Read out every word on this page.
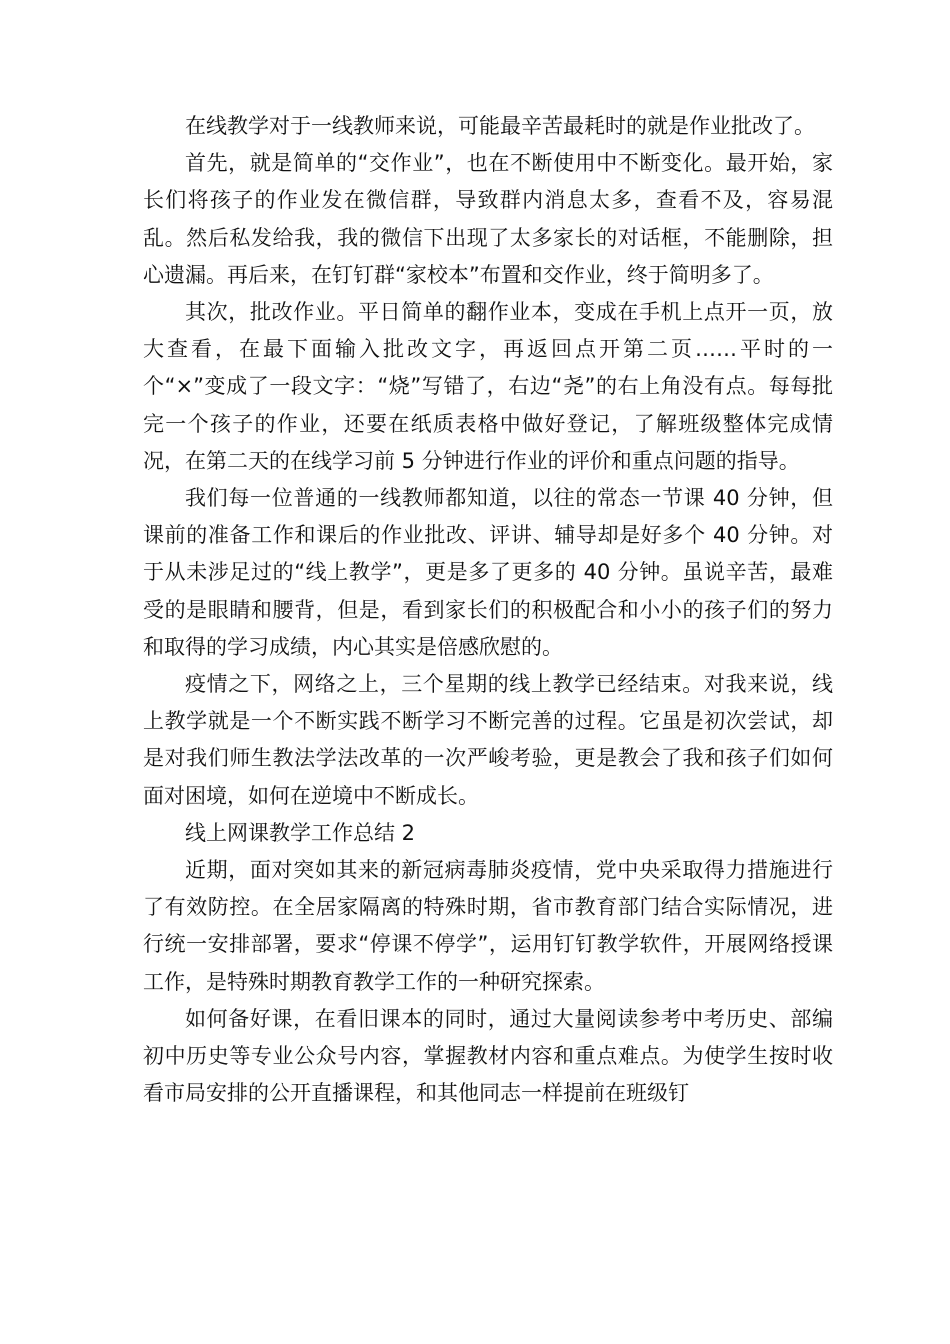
在线教学对于一线教师来说，可能最辛苦最耗时的就是作业批改了。

首先，就是简单的“交作业”，也在不断使用中不断变化。最开始，家长们将孩子的作业发在微信群，导致群内消息太多，查看不及，容易混乱。然后私发给我，我的微信下出现了太多家长的对话框，不能删除，担心遗漏。再后来，在钉钉群“家校本”布置和交作业，终于简明多了。

其次，批改作业。平日简单的翻作业本，变成在手机上点开一页，放大查看，在最下面输入批改文字，再返回点开第二页……平时的一个“×”变成了一段文字：“烧”写错了，右边“尧”的右上角没有点。每每批完一个孩子的作业，还要在纸质表格中做好登记，了解班级整体完成情况，在第二天的在线学习前 5 分钟进行作业的评价和重点问题的指导。

我们每一位普通的一线教师都知道，以往的常态一节课 40 分钟，但课前的准备工作和课后的作业批改、评讲、辅导却是好多个 40 分钟。对于从未涉足过的“线上教学”，更是多了更多的 40 分钟。虽说辛苦，最难受的是眼睛和腰背，但是，看到家长们的积极配合和小小的孩子们的努力和取得的学习成绩，内心其实是倍感欣慰的。

疫情之下，网络之上，三个星期的线上教学已经结束。对我来说，线上教学就是一个不断实践不断学习不断完善的过程。它虽是初次尝试，却是对我们师生教法学法改革的一次严峻考验，更是教会了我和孩子们如何面对困境，如何在逆境中不断成长。

线上网课教学工作总结 2

近期，面对突如其来的新冠病毒肺炎疫情，党中央采取得力措施进行了有效防控。在全居家隔离的特殊时期，省市教育部门结合实际情况，进行统一安排部署，要求“停课不停学”，运用钉钉教学软件，开展网络授课工作，是特殊时期教育教学工作的一种研究探索。

如何备好课，在看旧课本的同时，通过大量阅读参考中考历史、部编初中历史等专业公众号内容，掌握教材内容和重点难点。为使学生按时收看市局安排的公开直播课程，和其他同志一样提前在班级钉
